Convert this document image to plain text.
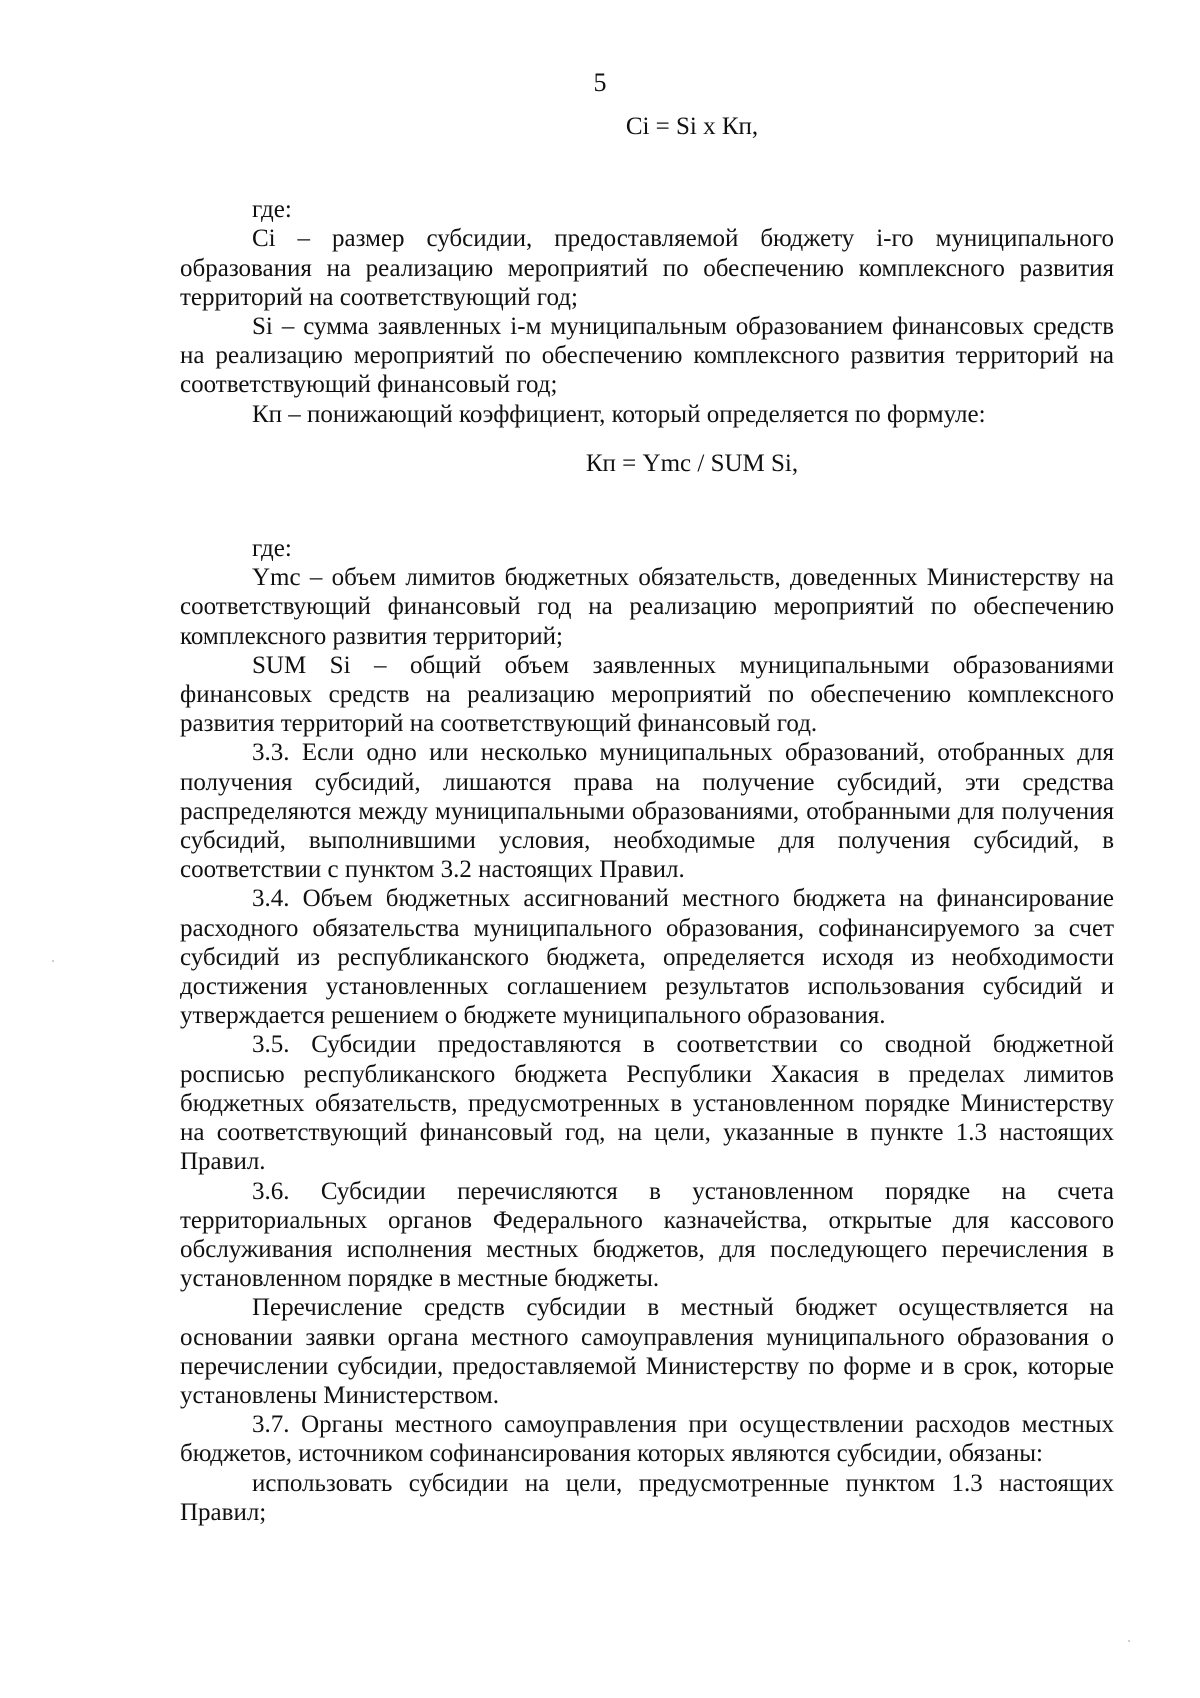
5

Ci = Si x Кп,

где:

Ci – размер субсидии, предоставляемой бюджету i-го муниципального образования на реализацию мероприятий по обеспечению комплексного развития территорий на соответствующий год;

Si – сумма заявленных i-м муниципальным образованием финансовых средств на реализацию мероприятий по обеспечению комплексного развития территорий на соответствующий финансовый год;

Кп – понижающий коэффициент, который определяется по формуле:

Кп = Ymc / SUM Si,

где:

Ymc – объем лимитов бюджетных обязательств, доведенных Министерству на соответствующий финансовый год на реализацию мероприятий по обеспечению комплексного развития территорий;

SUM Si – общий объем заявленных муниципальными образованиями финансовых средств на реализацию мероприятий по обеспечению комплексного развития территорий на соответствующий финансовый год.

3.3. Если одно или несколько муниципальных образований, отобранных для получения субсидий, лишаются права на получение субсидий, эти средства распределяются между муниципальными образованиями, отобранными для получения субсидий, выполнившими условия, необходимые для получения субсидий, в соответствии с пунктом 3.2 настоящих Правил.

3.4. Объем бюджетных ассигнований местного бюджета на финансирование расходного обязательства муниципального образования, софинансируемого за счет субсидий из республиканского бюджета, определяется исходя из необходимости достижения установленных соглашением результатов использования субсидий и утверждается решением о бюджете муниципального образования.

3.5. Субсидии предоставляются в соответствии со сводной бюджетной росписью республиканского бюджета Республики Хакасия в пределах лимитов бюджетных обязательств, предусмотренных в установленном порядке Министерству на соответствующий финансовый год, на цели, указанные в пункте 1.3 настоящих Правил.

3.6. Субсидии перечисляются в установленном порядке на счета территориальных органов Федерального казначейства, открытые для кассового обслуживания исполнения местных бюджетов, для последующего перечисления в установленном порядке в местные бюджеты.

Перечисление средств субсидии в местный бюджет осуществляется на основании заявки органа местного самоуправления муниципального образования о перечислении субсидии, предоставляемой Министерству по форме и в срок, которые установлены Министерством.

3.7. Органы местного самоуправления при осуществлении расходов местных бюджетов, источником софинансирования которых являются субсидии, обязаны:

использовать субсидии на цели, предусмотренные пунктом 1.3 настоящих Правил;
